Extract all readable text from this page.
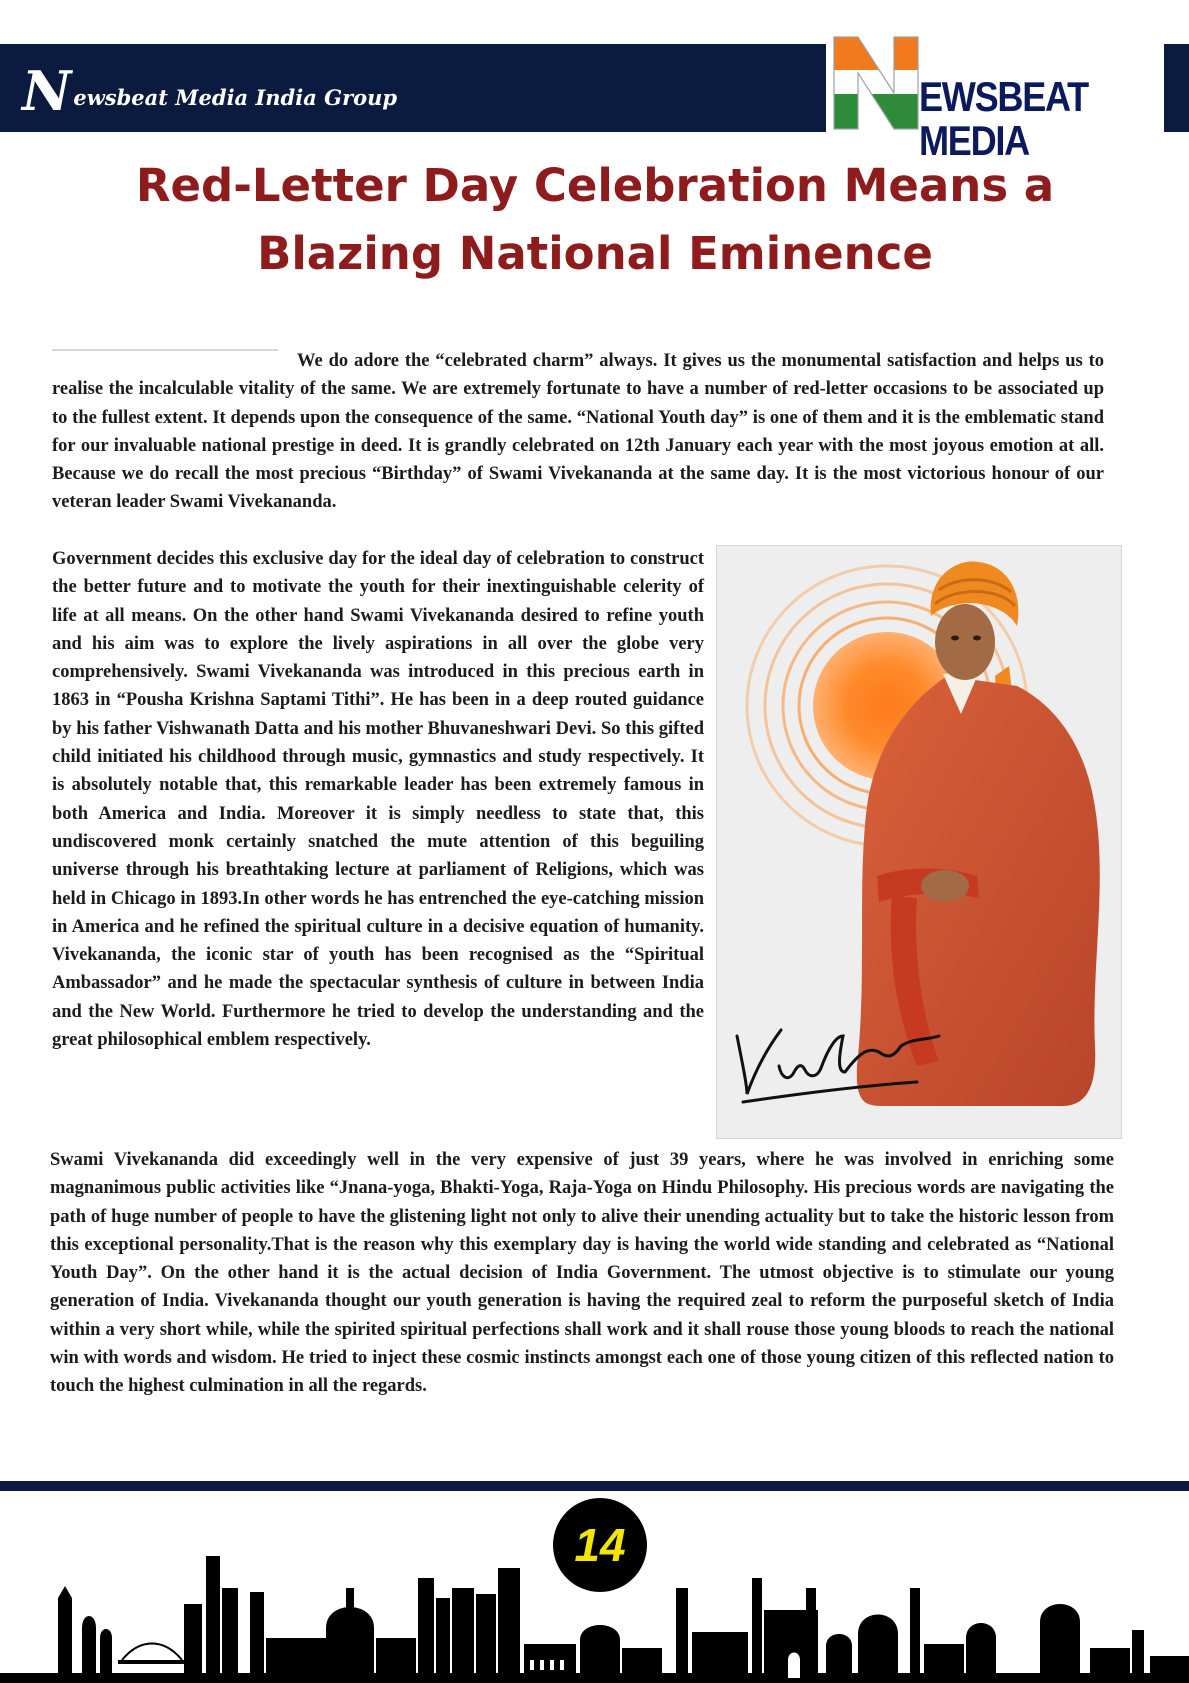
N ewsbeat Media India Group	EWSBEAT MEDIA
Red-Letter Day Celebration Means a Blazing National Eminence

We do adore the “celebrated charm” always. It gives us the monumental satisfaction and helps us to realise the incalculable vitality of the same. We are extremely fortunate to have a number of red-letter occasions to be associated up to the fullest extent. It depends upon the consequence of the same. “National Youth day” is one of them and it is the emblematic stand for our invaluable national prestige in deed. It is grandly celebrated on 12th January each year with the most joyous emotion at all. Because we do recall the most precious “Birthday” of Swami Vivekananda at the same day. It is the most victorious honour of our veteran leader Swami Vivekananda.

Government decides this exclusive day for the ideal day of celebration to construct the better future and to motivate the youth for their inextinguishable celerity of life at all means. On the other hand Swami Vivekananda desired to refine youth and his aim was to explore the lively aspirations in all over the globe very comprehensively. Swami Vivekananda was introduced in this precious earth in 1863 in “Pousha Krishna Saptami Tithi”. He has been in a deep routed guidance by his father Vishwanath Datta and his mother Bhuvaneshwari Devi. So this gifted child initiated his childhood through music, gymnastics and study respectively. It is absolutely notable that, this remarkable leader has been extremely famous in both America and India. Moreover it is simply needless to state that, this undiscovered monk certainly snatched the mute attention of this beguiling universe through his breathtaking lecture at parliament of Religions, which was held in Chicago in 1893.In other words he has entrenched the eye-catching mission in America and he refined the spiritual culture in a decisive equation of humanity. Vivekananda, the iconic star of youth has been recognised as the “Spiritual Ambassador” and he made the spectacular synthesis of culture in between India and the New World. Furthermore he tried to develop the understanding and the great philosophical emblem respectively.

Swami Vivekananda did exceedingly well in the very expensive of just 39 years, where he was involved in enriching some magnanimous public activities like “Jnana-yoga, Bhakti-Yoga, Raja-Yoga on Hindu Philosophy. His precious words are navigating the path of huge number of people to have the glistening light not only to alive their unending actuality but to take the historic lesson from this exceptional personality.That is the reason why this exemplary day is having the world wide standing and celebrated as “National Youth Day”. On the other hand it is the actual decision of India Government. The utmost objective is to stimulate our young generation of India. Vivekananda thought our youth generation is having the required zeal to reform the purposeful sketch of India within a very short while, while the spirited spiritual perfections shall work and it shall rouse those young bloods to reach the national win with words and wisdom. He tried to inject these cosmic instincts amongst each one of those young citizen of this reflected nation to touch the highest culmination in all the regards.

14
